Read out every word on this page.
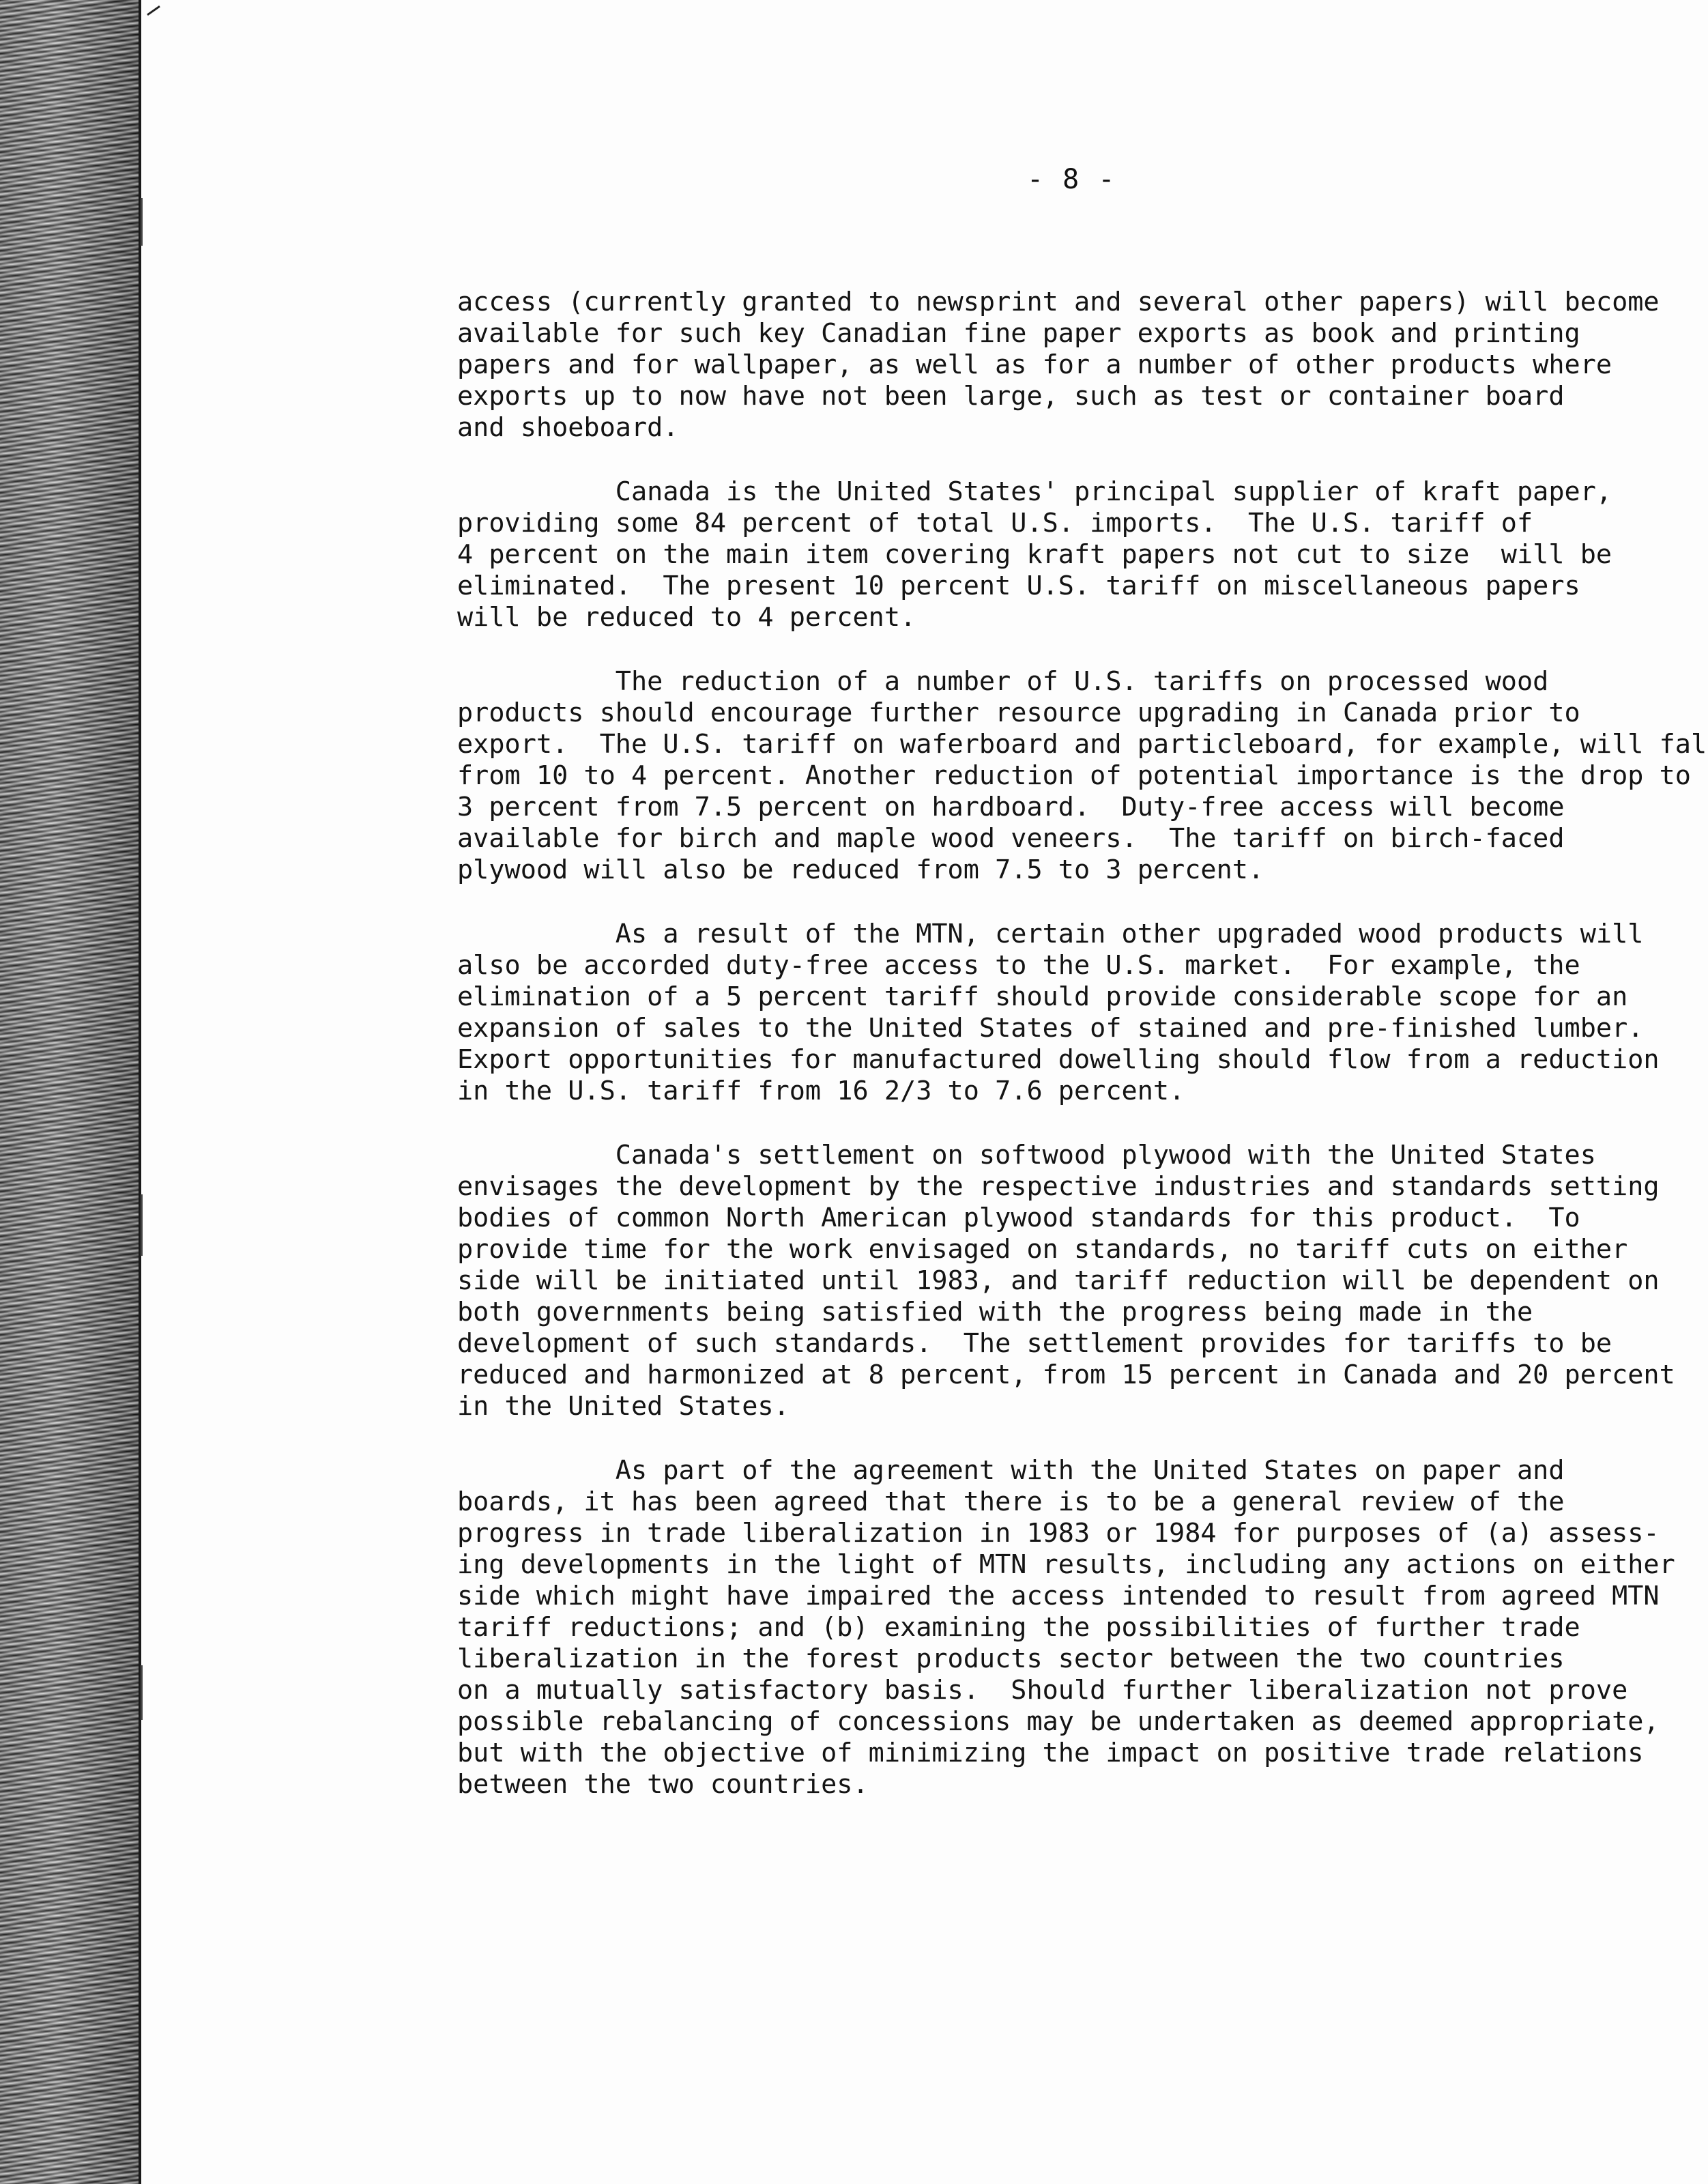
- 8 -
access (currently granted to newsprint and several other papers) will become
available for such key Canadian fine paper exports as book and printing
papers and for wallpaper, as well as for a number of other products where
exports up to now have not been large, such as test or container board
and shoeboard.
Canada is the United States' principal supplier of kraft paper,
providing some 84 percent of total U.S. imports.  The U.S. tariff of
4 percent on the main item covering kraft papers not cut to size  will be
eliminated.  The present 10 percent U.S. tariff on miscellaneous papers
will be reduced to 4 percent.
The reduction of a number of U.S. tariffs on processed wood
products should encourage further resource upgrading in Canada prior to
export.  The U.S. tariff on waferboard and particleboard, for example, will fal
from 10 to 4 percent. Another reduction of potential importance is the drop to
3 percent from 7.5 percent on hardboard.  Duty-free access will become
available for birch and maple wood veneers.  The tariff on birch-faced
plywood will also be reduced from 7.5 to 3 percent.
As a result of the MTN, certain other upgraded wood products will
also be accorded duty-free access to the U.S. market.  For example, the
elimination of a 5 percent tariff should provide considerable scope for an
expansion of sales to the United States of stained and pre-finished lumber.
Export opportunities for manufactured dowelling should flow from a reduction
in the U.S. tariff from 16 2/3 to 7.6 percent.
Canada's settlement on softwood plywood with the United States
envisages the development by the respective industries and standards setting
bodies of common North American plywood standards for this product.  To
provide time for the work envisaged on standards, no tariff cuts on either
side will be initiated until 1983, and tariff reduction will be dependent on
both governments being satisfied with the progress being made in the
development of such standards.  The settlement provides for tariffs to be
reduced and harmonized at 8 percent, from 15 percent in Canada and 20 percent
in the United States.
As part of the agreement with the United States on paper and
boards, it has been agreed that there is to be a general review of the
progress in trade liberalization in 1983 or 1984 for purposes of (a) assess-
ing developments in the light of MTN results, including any actions on either
side which might have impaired the access intended to result from agreed MTN
tariff reductions; and (b) examining the possibilities of further trade
liberalization in the forest products sector between the two countries
on a mutually satisfactory basis.  Should further liberalization not prove
possible rebalancing of concessions may be undertaken as deemed appropriate,
but with the objective of minimizing the impact on positive trade relations
between the two countries.
